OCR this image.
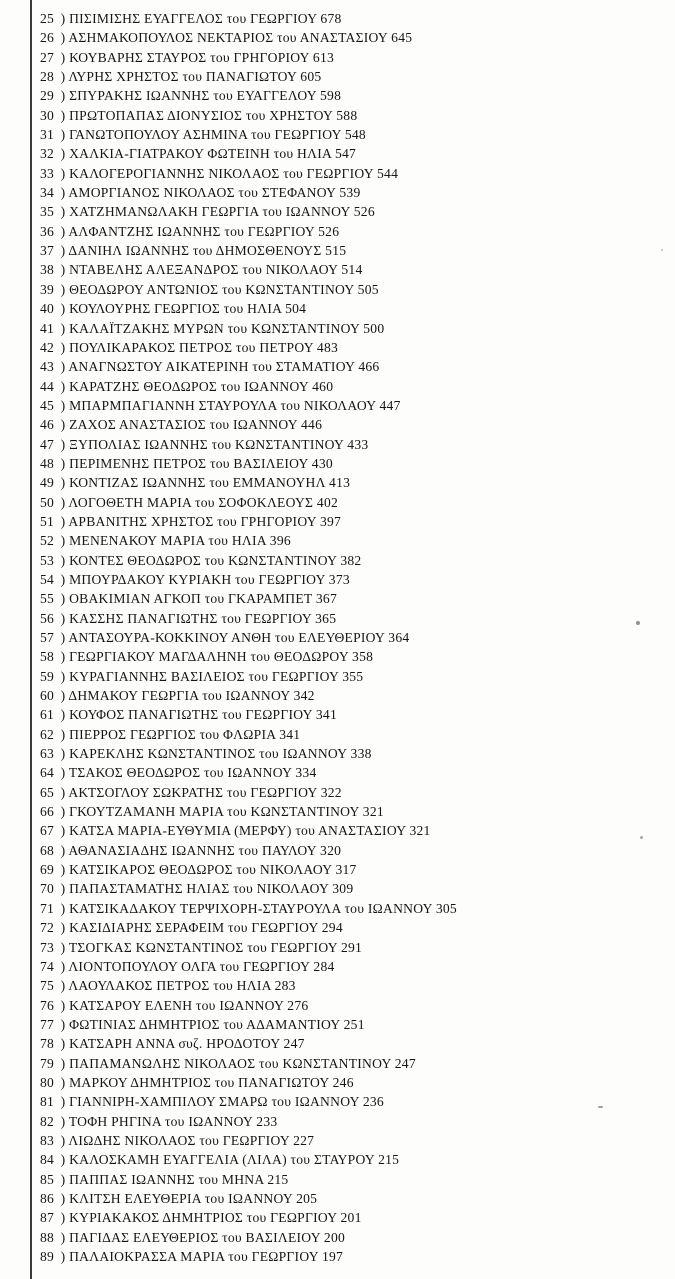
25 ) ΠΙΣΙΜΙΣΗΣ ΕΥΑΓΓΕΛΟΣ του ΓΕΩΡΓΙΟΥ 678
26 ) ΑΣΗΜΑΚΟΠΟΥΛΟΣ ΝΕΚΤΑΡΙΟΣ του ΑΝΑΣΤΑΣΙΟΥ 645
27 ) ΚΟΥΒΑΡΗΣ ΣΤΑΥΡΟΣ του ΓΡΗΓΟΡΙΟΥ 613
28 ) ΛΥΡΗΣ ΧΡΗΣΤΟΣ του ΠΑΝΑΓΙΩΤΟΥ 605
29 ) ΣΠΥΡΑΚΗΣ ΙΩΑΝΝΗΣ του ΕΥΑΓΓΕΛΟΥ 598
30 ) ΠΡΩΤΟΠΑΠΑΣ ΔΙΟΝΥΣΙΟΣ του ΧΡΗΣΤΟΥ 588
31 ) ΓΑΝΩΤΟΠΟΥΛΟΥ ΑΣΗΜΙΝΑ του ΓΕΩΡΓΙΟΥ 548
32 ) ΧΑΛΚΙΑ-ΓΙΑΤΡΑΚΟΥ ΦΩΤΕΙΝΗ του ΗΛΙΑ 547
33 ) ΚΑΛΟΓΕΡΟΓΙΑΝΝΗΣ ΝΙΚΟΛΑΟΣ του ΓΕΩΡΓΙΟΥ 544
34 ) ΑΜΟΡΓΙΑΝΟΣ ΝΙΚΟΛΑΟΣ του ΣΤΕΦΑΝΟΥ 539
35 ) ΧΑΤΖΗΜΑΝΩΛΑΚΗ ΓΕΩΡΓΙΑ του ΙΩΑΝΝΟΥ 526
36 ) ΑΛΦΑΝΤΖΗΣ ΙΩΑΝΝΗΣ του ΓΕΩΡΓΙΟΥ 526
37 ) ΔΑΝΙΗΛ ΙΩΑΝΝΗΣ του ΔΗΜΟΣΘΕΝΟΥΣ 515
38 ) ΝΤΑΒΕΛΗΣ ΑΛΕΞΑΝΔΡΟΣ του ΝΙΚΟΛΑΟΥ 514
39 ) ΘΕΟΔΩΡΟΥ ΑΝΤΩΝΙΟΣ του ΚΩΝΣΤΑΝΤΙΝΟΥ 505
40 ) ΚΟΥΛΟΥΡΗΣ ΓΕΩΡΓΙΟΣ του ΗΛΙΑ 504
41 ) ΚΑΛΑΪΤΖΑΚΗΣ ΜΥΡΩΝ του ΚΩΝΣΤΑΝΤΙΝΟΥ 500
42 ) ΠΟΥΛΙΚΑΡΑΚΟΣ ΠΕΤΡΟΣ του ΠΕΤΡΟΥ 483
43 ) ΑΝΑΓΝΩΣΤΟΥ ΑΙΚΑΤΕΡΙΝΗ του ΣΤΑΜΑΤΙΟΥ 466
44 ) ΚΑΡΑΤΖΗΣ ΘΕΟΔΩΡΟΣ του ΙΩΑΝΝΟΥ 460
45 ) ΜΠΑΡΜΠΑΓΙΑΝΝΗ ΣΤΑΥΡΟΥΛΑ του ΝΙΚΟΛΑΟΥ 447
46 ) ΖΑΧΟΣ ΑΝΑΣΤΑΣΙΟΣ του ΙΩΑΝΝΟΥ 446
47 ) ΞΥΠΟΛΙΑΣ ΙΩΑΝΝΗΣ του ΚΩΝΣΤΑΝΤΙΝΟΥ 433
48 ) ΠΕΡΙΜΕΝΗΣ ΠΕΤΡΟΣ του ΒΑΣΙΛΕΙΟΥ 430
49 ) ΚΟΝΤΙΖΑΣ ΙΩΑΝΝΗΣ του ΕΜΜΑΝΟΥΗΛ 413
50 ) ΛΟΓΟΘΕΤΗ ΜΑΡΙΑ του ΣΟΦΟΚΛΕΟΥΣ 402
51 ) ΑΡΒΑΝΙΤΗΣ ΧΡΗΣΤΟΣ του ΓΡΗΓΟΡΙΟΥ 397
52 ) ΜΕΝΕΝΑΚΟΥ ΜΑΡΙΑ του ΗΛΙΑ 396
53 ) ΚΟΝΤΕΣ ΘΕΟΔΩΡΟΣ του ΚΩΝΣΤΑΝΤΙΝΟΥ 382
54 ) ΜΠΟΥΡΔΑΚΟΥ ΚΥΡΙΑΚΗ του ΓΕΩΡΓΙΟΥ 373
55 ) ΟΒΑΚΙΜΙΑΝ ΑΓΚΟΠ του ΓΚΑΡΑΜΠΕΤ 367
56 ) ΚΑΣΣΗΣ ΠΑΝΑΓΙΩΤΗΣ του ΓΕΩΡΓΙΟΥ 365
57 ) ΑΝΤΑΣΟΥΡΑ-ΚΟΚΚΙΝΟΥ ΑΝΘΗ του ΕΛΕΥΘΕΡΙΟΥ 364
58 ) ΓΕΩΡΓΙΑΚΟΥ ΜΑΓΔΑΛΗΝΗ του ΘΕΟΔΩΡΟΥ 358
59 ) ΚΥΡΑΓΙΑΝΝΗΣ ΒΑΣΙΛΕΙΟΣ του ΓΕΩΡΓΙΟΥ 355
60 ) ΔΗΜΑΚΟΥ ΓΕΩΡΓΙΑ του ΙΩΑΝΝΟΥ 342
61 ) ΚΟΥΦΟΣ ΠΑΝΑΓΙΩΤΗΣ του ΓΕΩΡΓΙΟΥ 341
62 ) ΠΙΕΡΡΟΣ ΓΕΩΡΓΙΟΣ του ΦΛΩΡΙΑ 341
63 ) ΚΑΡΕΚΛΗΣ ΚΩΝΣΤΑΝΤΙΝΟΣ του ΙΩΑΝΝΟΥ 338
64 ) ΤΣΑΚΟΣ ΘΕΟΔΩΡΟΣ του ΙΩΑΝΝΟΥ 334
65 ) ΑΚΤΣΟΓΛΟΥ ΣΩΚΡΑΤΗΣ του ΓΕΩΡΓΙΟΥ 322
66 ) ΓΚΟΥΤΖΑΜΑΝΗ ΜΑΡΙΑ του ΚΩΝΣΤΑΝΤΙΝΟΥ 321
67 ) ΚΑΤΣΑ ΜΑΡΙΑ-ΕΥΘΥΜΙΑ (ΜΕΡΦΥ) του ΑΝΑΣΤΑΣΙΟΥ 321
68 ) ΑΘΑΝΑΣΙΑΔΗΣ ΙΩΑΝΝΗΣ του ΠΑΥΛΟΥ 320
69 ) ΚΑΤΣΙΚΑΡΟΣ ΘΕΟΔΩΡΟΣ του ΝΙΚΟΛΑΟΥ 317
70 ) ΠΑΠΑΣΤΑΜΑΤΗΣ ΗΛΙΑΣ του ΝΙΚΟΛΑΟΥ 309
71 ) ΚΑΤΣΙΚΑΔΑΚΟΥ ΤΕΡΨΙΧΟΡΗ-ΣΤΑΥΡΟΥΛΑ του ΙΩΑΝΝΟΥ 305
72 ) ΚΑΣΙΔΙΑΡΗΣ ΣΕΡΑΦΕΙΜ του ΓΕΩΡΓΙΟΥ 294
73 ) ΤΣΟΓΚΑΣ ΚΩΝΣΤΑΝΤΙΝΟΣ του ΓΕΩΡΓΙΟΥ 291
74 ) ΛΙΟΝΤΟΠΟΥΛΟΥ ΟΛΓΑ του ΓΕΩΡΓΙΟΥ 284
75 ) ΛΑΟΥΛΑΚΟΣ ΠΕΤΡΟΣ του ΗΛΙΑ 283
76 ) ΚΑΤΣΑΡΟΥ ΕΛΕΝΗ του ΙΩΑΝΝΟΥ 276
77 ) ΦΩΤΙΝΙΑΣ ΔΗΜΗΤΡΙΟΣ του ΑΔΑΜΑΝΤΙΟΥ 251
78 ) ΚΑΤΣΑΡΗ ΑΝΝΑ συζ. ΗΡΟΔΟΤΟΥ 247
79 ) ΠΑΠΑΜΑΝΩΛΗΣ ΝΙΚΟΛΑΟΣ του ΚΩΝΣΤΑΝΤΙΝΟΥ 247
80 ) ΜΑΡΚΟΥ ΔΗΜΗΤΡΙΟΣ του ΠΑΝΑΓΙΩΤΟΥ 246
81 ) ΓΙΑΝΝΙΡΗ-ΧΑΜΠΙΛΟΥ ΣΜΑΡΩ του ΙΩΑΝΝΟΥ 236
82 ) ΤΟΦΗ ΡΗΓΙΝΑ του ΙΩΑΝΝΟΥ 233
83 ) ΛΙΩΔΗΣ ΝΙΚΟΛΑΟΣ του ΓΕΩΡΓΙΟΥ 227
84 ) ΚΑΛΟΣΚΑΜΗ ΕΥΑΓΓΕΛΙΑ (ΛΙΛΑ) του ΣΤΑΥΡΟΥ 215
85 ) ΠΑΠΠΑΣ ΙΩΑΝΝΗΣ του ΜΗΝΑ 215
86 ) ΚΛΙΤΣΗ ΕΛΕΥΘΕΡΙΑ του ΙΩΑΝΝΟΥ 205
87 ) ΚΥΡΙΑΚΑΚΟΣ ΔΗΜΗΤΡΙΟΣ του ΓΕΩΡΓΙΟΥ 201
88 ) ΠΑΓΙΔΑΣ ΕΛΕΥΘΕΡΙΟΣ του ΒΑΣΙΛΕΙΟΥ 200
89 ) ΠΑΛΑΙΟΚΡΑΣΣΑ ΜΑΡΙΑ του ΓΕΩΡΓΙΟΥ 197
